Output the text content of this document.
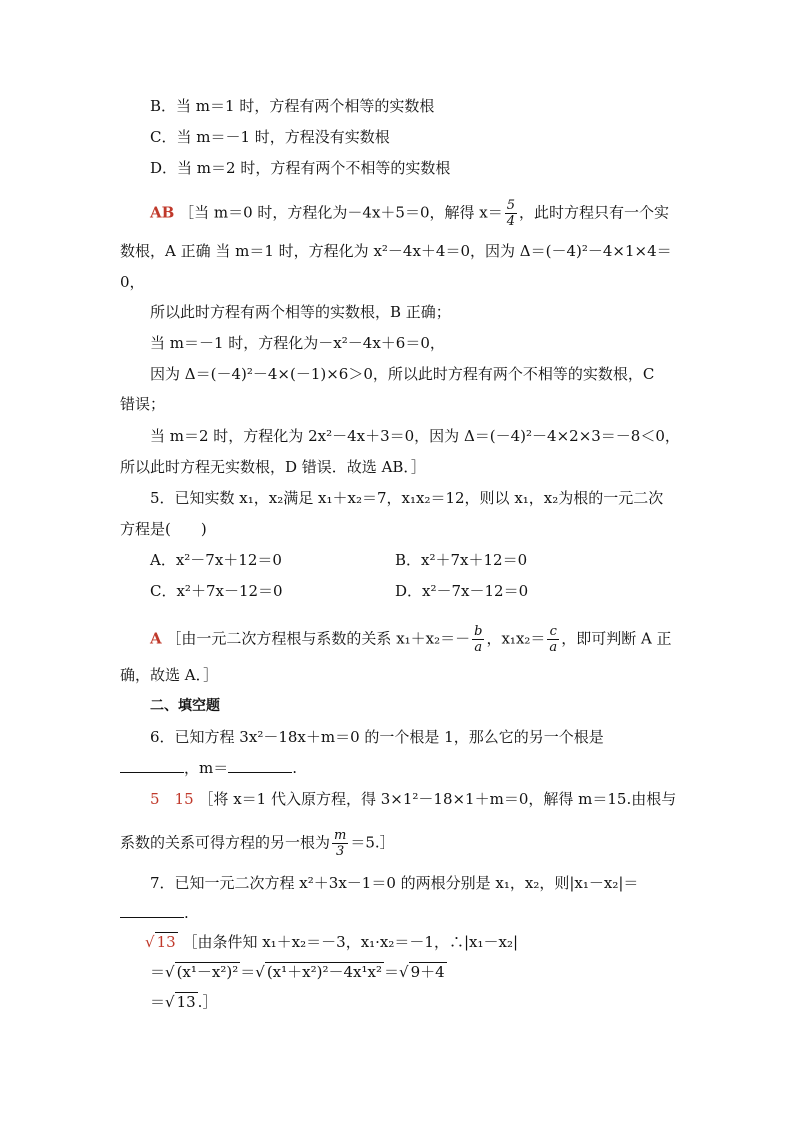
B．当 m＝1 时，方程有两个相等的实数根
C．当 m＝－1 时，方程没有实数根
D．当 m＝2 时，方程有两个不相等的实数根
AB ［当 m＝0 时，方程化为－4x＋5＝0，解得 $x= \frac{5}{4}$ ，此时方程只有一个实
数根，A 正确 当 m＝1 时，方程化为 x²－4x＋4＝0，因为 Δ＝(－4)²－4×1×4＝
0，
所以此时方程有两个相等的实数根，B 正确；
当 m＝－1 时，方程化为－x²－4x＋6＝0，
因为 Δ＝(－4)²－4×(－1)×6＞0，所以此时方程有两个不相等的实数根，C
错误；
当 m＝2 时，方程化为 2x²－4x＋3＝0，因为 Δ＝(－4)²－4×2×3＝－8＜0，
所以此时方程无实数根，D 错误．故选 AB．］
5．已知实数 x₁，x₂满足 x₁＋x₂＝7，x₁x₂＝12，则以 x₁，x₂为根的一元二次
方程是(　　)
A．x²－7x＋12＝0	B．x²＋7x＋12＝0
C．x²＋7x－12＝0	D．x²－7x－12＝0
A ［由一元二次方程根与系数的关系 $x_1+x_2=- \frac{b}{a}$ ，$x_1x_2= \frac{c}{a}$ ，即可判断 A 正
确，故选 A．］
二、填空题
6．已知方程 3x²－18x＋m＝0 的一个根是 1，那么它的另一个根是
，m＝	.
5　15 ［将 x＝1 代入原方程，得 3×1²－18×1＋m＝0，解得 m＝15.由根与
系数的关系可得方程的另一根为 $\frac{m}{3}$ ＝5.］
7．已知一元二次方程 x²＋3x－1＝0 的两根分别是 x₁，x₂，则|x₁－x₂|＝
.
√ 13 ［由条件知 x₁＋x₂＝－3，x₁·x₂＝－1，∴|x₁－x₂|
＝√ (x¹－x²)² ＝√ (x¹＋x²)²－4x¹x² ＝√ 9＋4
＝√ 13 .］
